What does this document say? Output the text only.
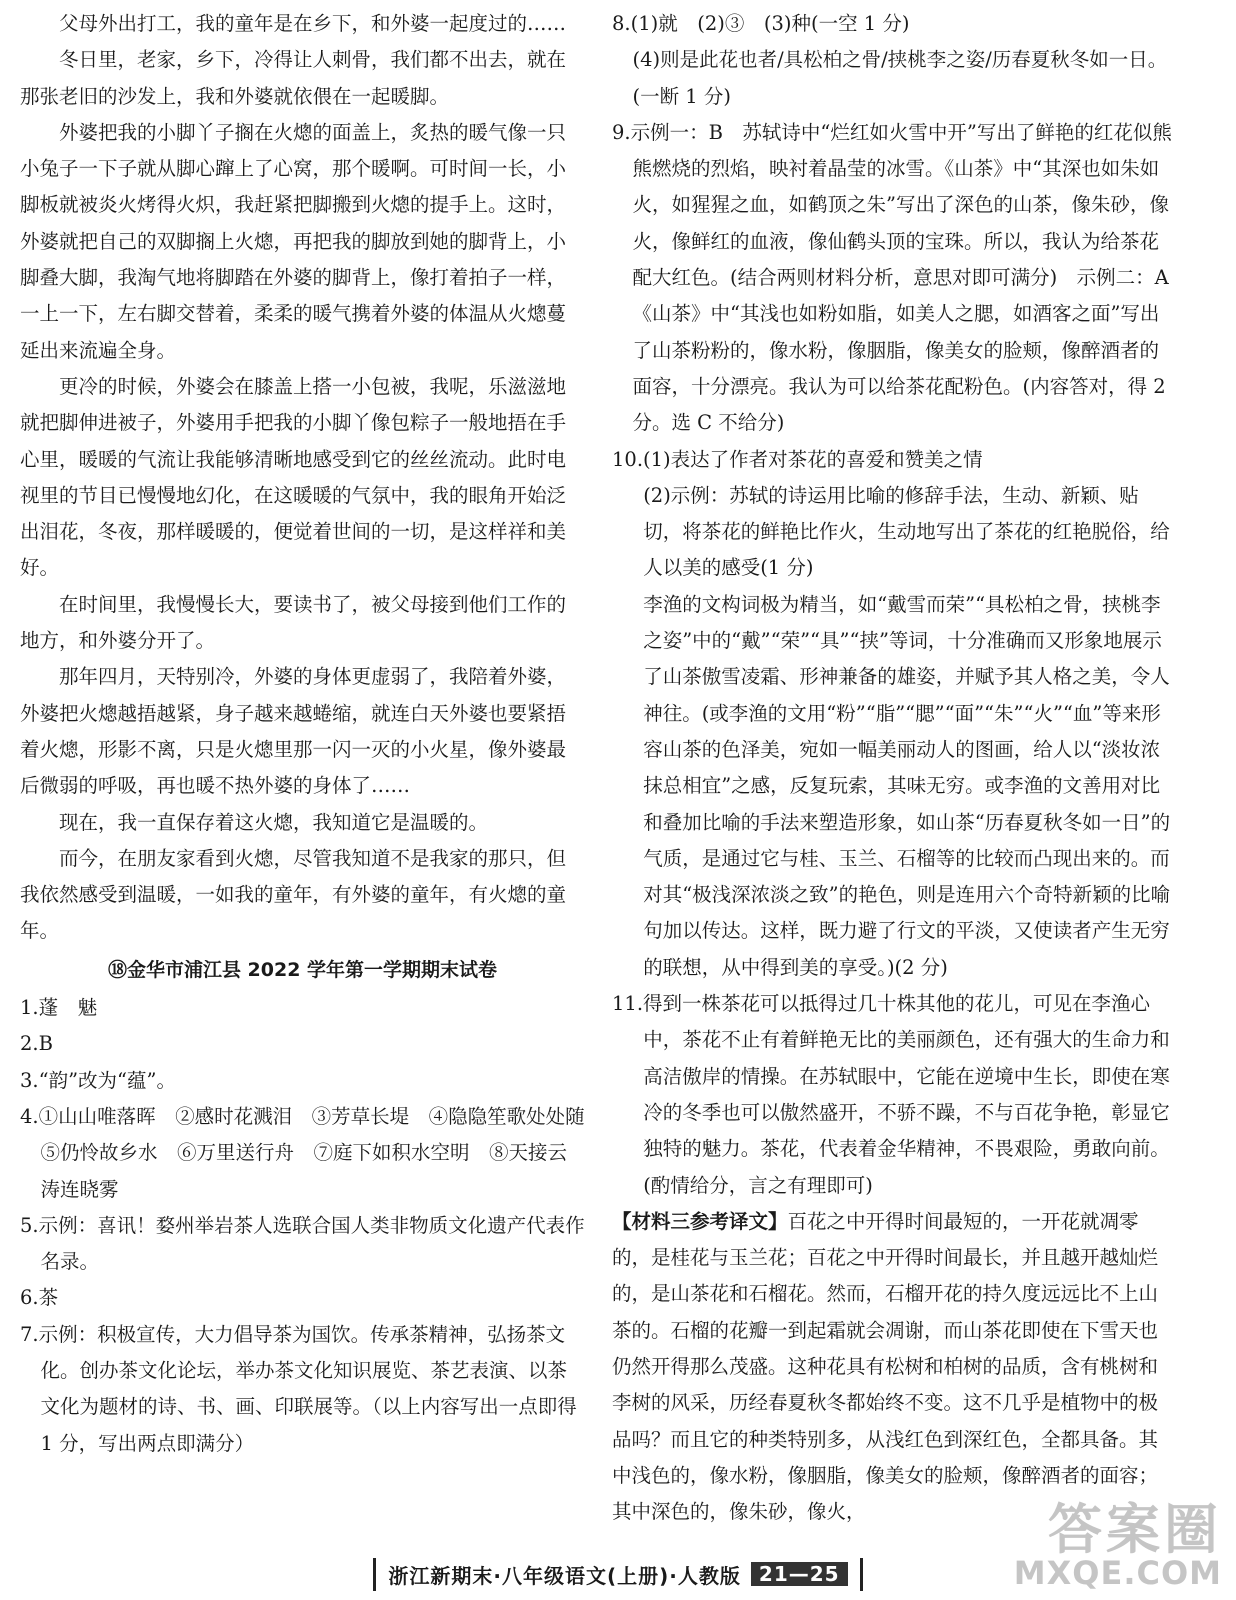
父母外出打工，我的童年是在乡下，和外婆一起度过的……

冬日里，老家，乡下，冷得让人刺骨，我们都不出去，就在那张老旧的沙发上，我和外婆就依偎在一起暖脚。

外婆把我的小脚丫子搁在火熜的面盖上，炙热的暖气像一只小兔子一下子就从脚心蹿上了心窝，那个暖啊。可时间一长，小脚板就被炎火烤得火炽，我赶紧把脚搬到火熜的提手上。这时，外婆就把自己的双脚搁上火熜，再把我的脚放到她的脚背上，小脚叠大脚，我淘气地将脚踏在外婆的脚背上，像打着拍子一样，一上一下，左右脚交替着，柔柔的暖气携着外婆的体温从火熜蔓延出来流遍全身。

更冷的时候，外婆会在膝盖上搭一小包被，我呢，乐滋滋地就把脚伸进被子，外婆用手把我的小脚丫像包粽子一般地捂在手心里，暖暖的气流让我能够清晰地感受到它的丝丝流动。此时电视里的节目已慢慢地幻化，在这暖暖的气氛中，我的眼角开始泛出泪花，冬夜，那样暖暖的，便觉着世间的一切，是这样祥和美好。

在时间里，我慢慢长大，要读书了，被父母接到他们工作的地方，和外婆分开了。

那年四月，天特别冷，外婆的身体更虚弱了，我陪着外婆，外婆把火熜越捂越紧，身子越来越蜷缩，就连白天外婆也要紧捂着火熜，形影不离，只是火熜里那一闪一灭的小火星，像外婆最后微弱的呼吸，再也暖不热外婆的身体了……

现在，我一直保存着这火熜，我知道它是温暖的。

而今，在朋友家看到火熜，尽管我知道不是我家的那只，但我依然感受到温暖，一如我的童年，有外婆的童年，有火熜的童年。

⑱金华市浦江县 2022 学年第一学期期末试卷

1.蓬　魅

2.B

3.“韵”改为“蕴”。

4.①山山唯落晖　②感时花溅泪　③芳草长堤　④隐隐笙歌处处随　⑤仍怜故乡水　⑥万里送行舟　⑦庭下如积水空明　⑧天接云涛连晓雾

5.示例：喜讯！婺州举岩茶人选联合国人类非物质文化遗产代表作名录。

6.茶

7.示例：积极宣传，大力倡导茶为国饮。传承茶精神，弘扬茶文化。创办茶文化论坛，举办茶文化知识展览、茶艺表演、以茶文化为题材的诗、书、画、印联展等。（以上内容写出一点即得 1 分，写出两点即满分）

8.(1)就　(2)③　(3)种(一空 1 分)

(4)则是此花也者/具松柏之骨/挟桃李之姿/历春夏秋冬如一日。(一断 1 分)

9.示例一：B　苏轼诗中“烂红如火雪中开”写出了鲜艳的红花似熊熊燃烧的烈焰，映衬着晶莹的冰雪。《山茶》中“其深也如朱如火，如猩猩之血，如鹤顶之朱”写出了深色的山茶，像朱砂，像火，像鲜红的血液，像仙鹤头顶的宝珠。所以，我认为给茶花配大红色。(结合两则材料分析，意思对即可满分)　示例二：A　《山茶》中“其浅也如粉如脂，如美人之腮，如酒客之面”写出了山茶粉粉的，像水粉，像胭脂，像美女的脸颊，像醉酒者的面容，十分漂亮。我认为可以给茶花配粉色。(内容答对，得 2 分。选 C 不给分)

10.(1)表达了作者对茶花的喜爱和赞美之情

(2)示例：苏轼的诗运用比喻的修辞手法，生动、新颖、贴切，将茶花的鲜艳比作火，生动地写出了茶花的红艳脱俗，给人以美的感受(1 分)

李渔的文构词极为精当，如“戴雪而荣”“具松柏之骨，挟桃李之姿”中的“戴”“荣”“具”“挟”等词，十分准确而又形象地展示了山茶傲雪凌霜、形神兼备的雄姿，并赋予其人格之美，令人神往。(或李渔的文用“粉”“脂”“腮”“面”“朱”“火”“血”等来形容山茶的色泽美，宛如一幅美丽动人的图画，给人以“淡妆浓抹总相宜”之感，反复玩索，其味无穷。或李渔的文善用对比和叠加比喻的手法来塑造形象，如山茶“历春夏秋冬如一日”的气质，是通过它与桂、玉兰、石榴等的比较而凸现出来的。而对其“极浅深浓淡之致”的艳色，则是连用六个奇特新颖的比喻句加以传达。这样，既力避了行文的平淡，又使读者产生无穷的联想，从中得到美的享受。)(2 分)

11.得到一株茶花可以抵得过几十株其他的花儿，可见在李渔心中，茶花不止有着鲜艳无比的美丽颜色，还有强大的生命力和高洁傲岸的情操。在苏轼眼中，它能在逆境中生长，即使在寒冷的冬季也可以傲然盛开，不骄不躁，不与百花争艳，彰显它独特的魅力。茶花，代表着金华精神，不畏艰险，勇敢向前。(酌情给分，言之有理即可)

【材料三参考译文】百花之中开得时间最短的，一开花就凋零的，是桂花与玉兰花；百花之中开得时间最长，并且越开越灿烂的，是山茶花和石榴花。然而，石榴开花的持久度远远比不上山茶的。石榴的花瓣一到起霜就会凋谢，而山茶花即使在下雪天也仍然开得那么茂盛。这种花具有松树和柏树的品质，含有桃树和李树的风采，历经春夏秋冬都始终不变。这不几乎是植物中的极品吗？而且它的种类特别多，从浅红色到深红色，全都具备。其中浅色的，像水粉，像胭脂，像美女的脸颊，像醉酒者的面容；其中深色的，像朱砂，像火，

浙江新期末·八年级语文(上册)·人教版 21—25
答案圈
MXQE.COM
